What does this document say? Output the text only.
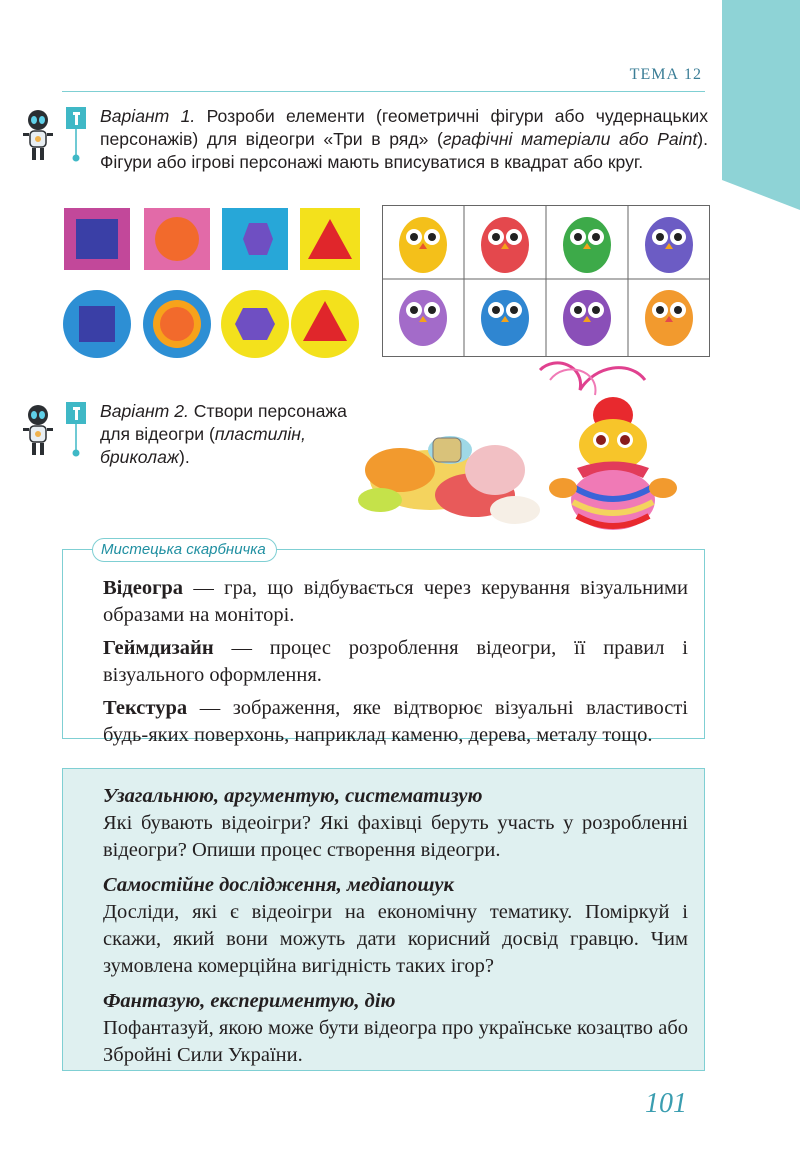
ТЕМА 12
Варіант 1. Розроби елементи (геометричні фігури або чудернацьких персонажів) для відеогри «Три в ряд» (графічні матеріали або Paint). Фігури або ігрові персонажі мають вписуватися в квадрат або круг.
Варіант 2. Створи персонажа для відеогри (пластилін, бриколаж).
Мистецька скарбничка

Відеогра — гра, що відбувається через керування візуальними образами на моніторі.

Геймдизайн — процес розроблення відеогри, її правил і візуального оформлення.

Текстура — зображення, яке відтворює візуальні властивості будь-яких поверхонь, наприклад каменю, дерева, металу тощо.

Узагальнюю, аргументую, систематизую
Які бувають відеоігри? Які фахівці беруть участь у розробленні відеогри? Опиши процес створення відеогри.
Самостійне дослідження, медіапошук
Досліди, які є відеоігри на економічну тематику. Поміркуй і скажи, який вони можуть дати корисний досвід гравцю. Чим зумовлена комерційна вигідність таких ігор?
Фантазую, експериментую, дію
Пофантазуй, якою може бути відеогра про українське козацтво або Збройні Сили України.
101
